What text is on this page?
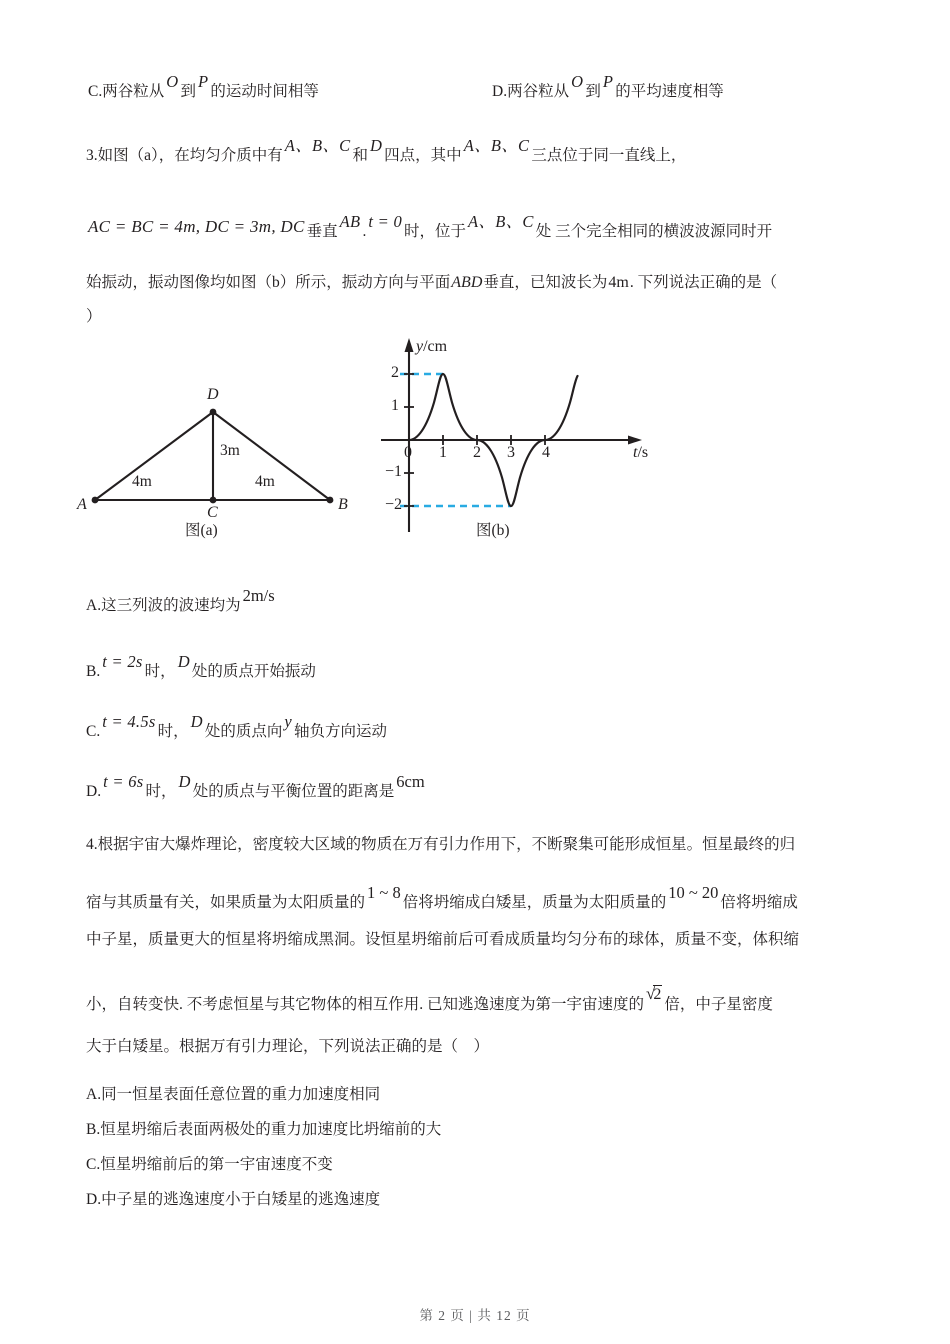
C.两谷粒从O到P的运动时间相等	D.两谷粒从O到P的平均速度相等
3.如图（a），在均匀介质中有A、B、C和D四点，其中A、B、C三点位于同一直线上，
AC = BC = 4m, DC = 3m, DC 垂直AB.t = 0时，位于A、B、C处 三个完全相同的横波波源同时开
始振动，振动图像均如图（b）所示，振动方向与平面ABD垂直，已知波长为4m. 下列说法正确的是（
）
A	B
C
D
4m	4m
3m
图(a)
y/cm
t/s
2
1
−1
−2
0 1 2 3 4
图(b)
A.这三列波的波速均为2m/s
B.t = 2s时，D处的质点开始振动
C.t = 4.5s时，D处的质点向y轴负方向运动
D.t = 6s时，D处的质点与平衡位置的距离是6cm
4.根据宇宙大爆炸理论，密度较大区域的物质在万有引力作用下，不断聚集可能形成恒星。恒星最终的归
宿与其质量有关，如果质量为太阳质量的1 ~ 8倍将坍缩成白矮星，质量为太阳质量的10 ~ 20倍将坍缩成
中子星，质量更大的恒星将坍缩成黑洞。设恒星坍缩前后可看成质量均匀分布的球体，质量不变，体积缩
小，自转变快. 不考虑恒星与其它物体的相互作用. 已知逃逸速度为第一宇宙速度的√2倍，中子星密度
大于白矮星。根据万有引力理论，下列说法正确的是（　）
A.同一恒星表面任意位置的重力加速度相同
B.恒星坍缩后表面两极处的重力加速度比坍缩前的大
C.恒星坍缩前后的第一宇宙速度不变
D.中子星的逃逸速度小于白矮星的逃逸速度
第 2 页 | 共 12 页
